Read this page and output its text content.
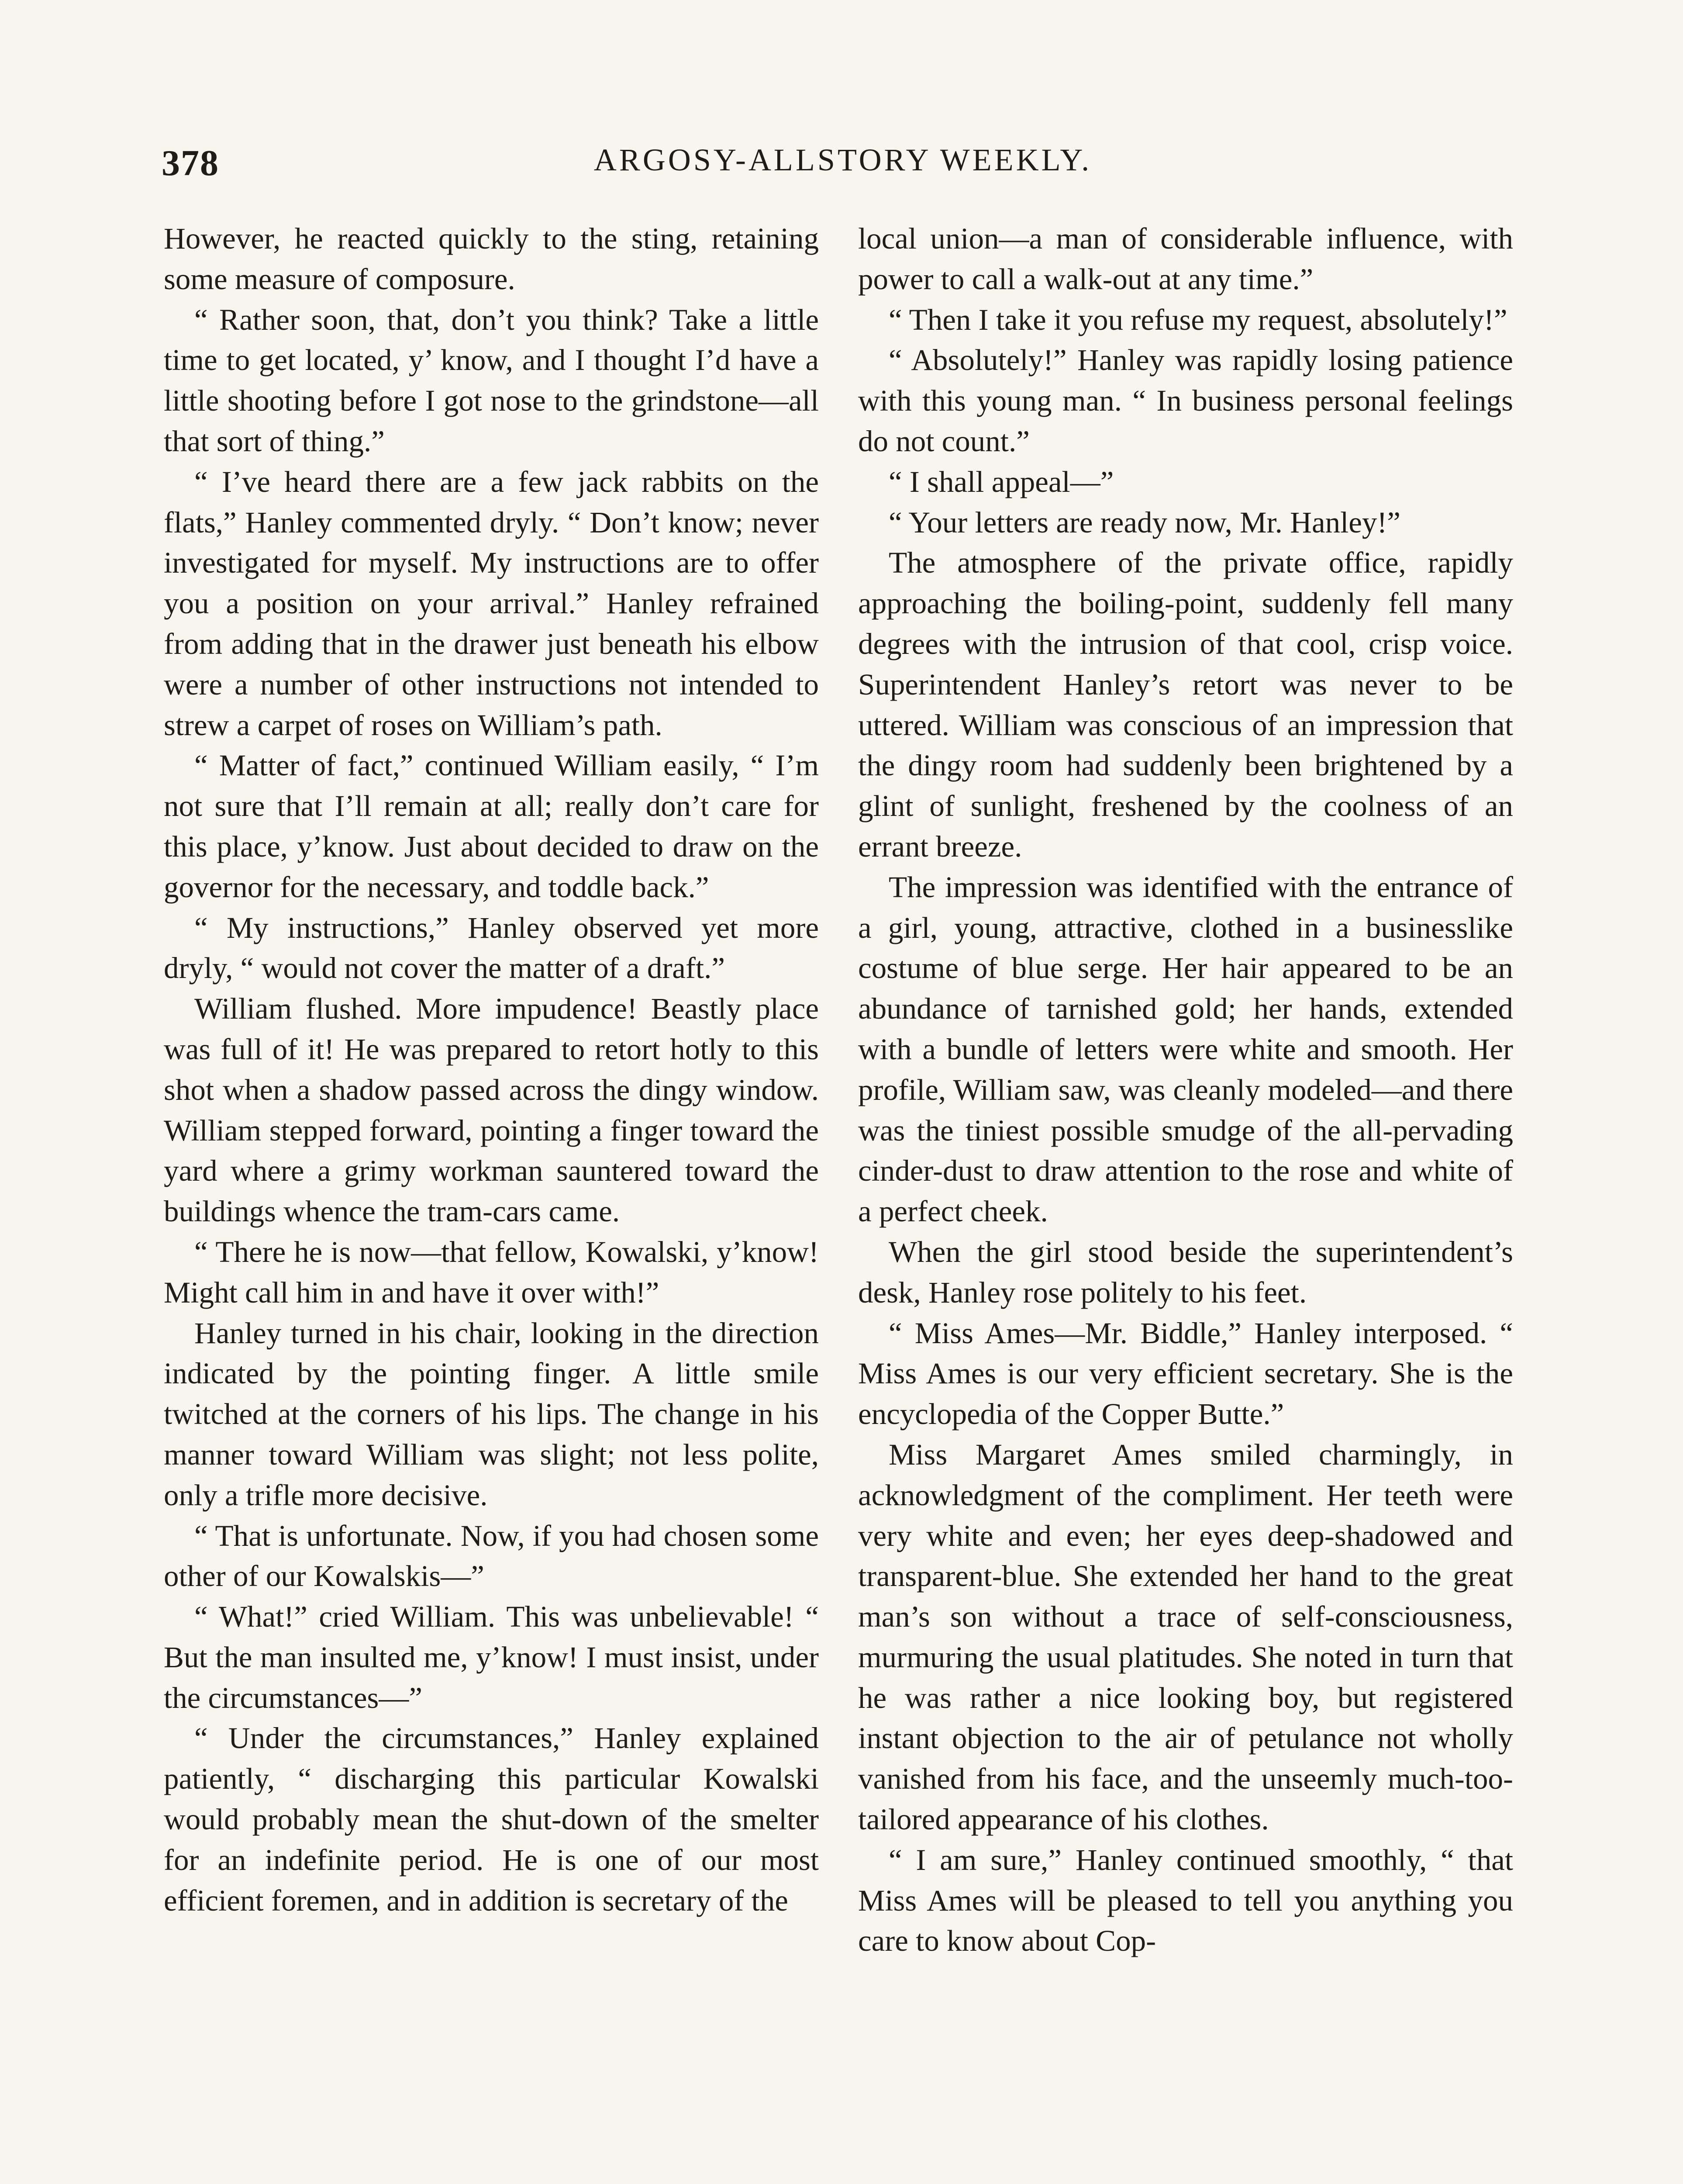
378	ARGOSY-ALLSTORY WEEKLY.

However, he reacted quickly to the sting, retaining some measure of composure.

“ Rather soon, that, don’t you think? Take a little time to get located, y’ know, and I thought I’d have a little shooting before I got nose to the grindstone—all that sort of thing.”

“ I’ve heard there are a few jack rabbits on the flats,” Hanley commented dryly. “ Don’t know; never investigated for myself. My instructions are to offer you a position on your arrival.” Hanley refrained from adding that in the drawer just beneath his elbow were a number of other instructions not intended to strew a carpet of roses on William’s path.

“ Matter of fact,” continued William easily, “ I’m not sure that I’ll remain at all; really don’t care for this place, y’know. Just about decided to draw on the governor for the necessary, and toddle back.”

“ My instructions,” Hanley observed yet more dryly, “ would not cover the matter of a draft.”

William flushed. More impudence! Beastly place was full of it! He was prepared to retort hotly to this shot when a shadow passed across the dingy window. William stepped forward, pointing a finger toward the yard where a grimy workman sauntered toward the buildings whence the tram-cars came.

“ There he is now—that fellow, Kowalski, y’know! Might call him in and have it over with!”

Hanley turned in his chair, looking in the direction indicated by the pointing finger. A little smile twitched at the corners of his lips. The change in his manner toward William was slight; not less polite, only a trifle more decisive.

“ That is unfortunate. Now, if you had chosen some other of our Kowalskis—”

“ What!” cried William. This was unbelievable! “ But the man insulted me, y’know! I must insist, under the circumstances—”

“ Under the circumstances,” Hanley explained patiently, “ discharging this particular Kowalski would probably mean the shut-down of the smelter for an indefinite period. He is one of our most efficient foremen, and in addition is secretary of the

local union—a man of considerable influence, with power to call a walk-out at any time.”

“ Then I take it you refuse my request, absolutely!”

“ Absolutely!” Hanley was rapidly losing patience with this young man. “ In business personal feelings do not count.”

“ I shall appeal—”

“ Your letters are ready now, Mr. Hanley!”

The atmosphere of the private office, rapidly approaching the boiling-point, suddenly fell many degrees with the intrusion of that cool, crisp voice. Superintendent Hanley’s retort was never to be uttered. William was conscious of an impression that the dingy room had suddenly been brightened by a glint of sunlight, freshened by the coolness of an errant breeze.

The impression was identified with the entrance of a girl, young, attractive, clothed in a businesslike costume of blue serge. Her hair appeared to be an abundance of tarnished gold; her hands, extended with a bundle of letters were white and smooth. Her profile, William saw, was cleanly modeled—and there was the tiniest possible smudge of the all-pervading cinder-dust to draw attention to the rose and white of a perfect cheek.

When the girl stood beside the superintendent’s desk, Hanley rose politely to his feet.

“ Miss Ames—Mr. Biddle,” Hanley interposed. “ Miss Ames is our very efficient secretary. She is the encyclopedia of the Copper Butte.”

Miss Margaret Ames smiled charmingly, in acknowledgment of the compliment. Her teeth were very white and even; her eyes deep-shadowed and transparent-blue. She extended her hand to the great man’s son without a trace of self-consciousness, murmuring the usual platitudes. She noted in turn that he was rather a nice looking boy, but registered instant objection to the air of petulance not wholly vanished from his face, and the unseemly much-too-tailored appearance of his clothes.

“ I am sure,” Hanley continued smoothly, “ that Miss Ames will be pleased to tell you anything you care to know about Cop-
